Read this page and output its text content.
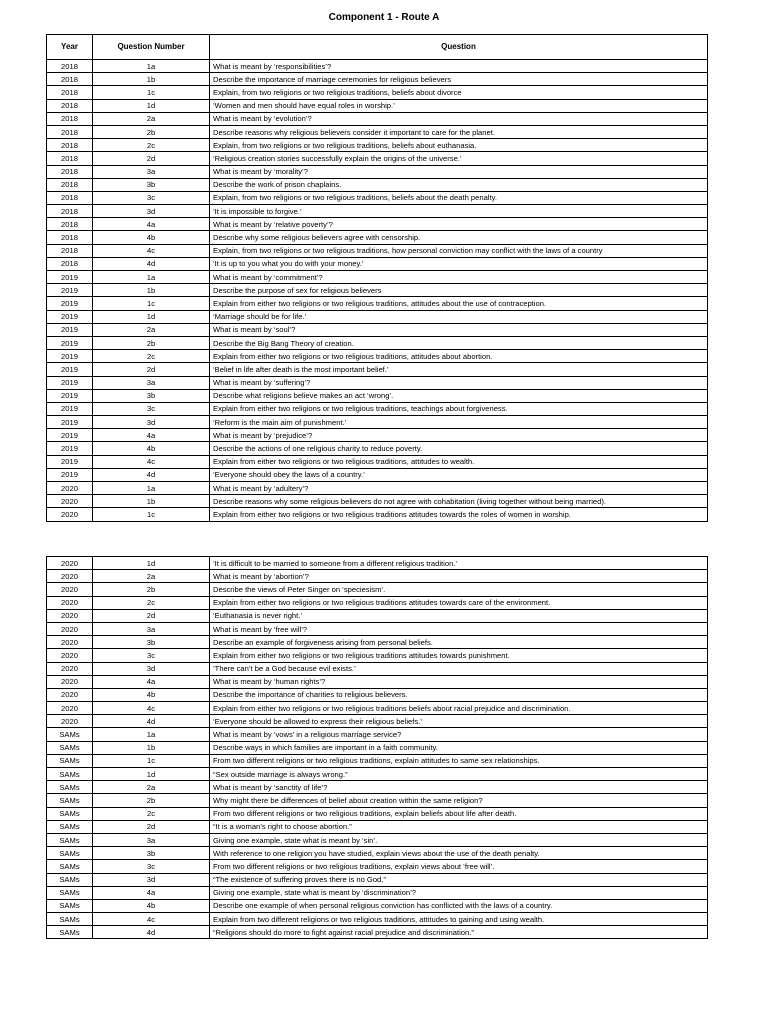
Component 1 - Route A
Year	Question Number	Question
2018	1a	What is meant by ‘responsibilities’?
2018	1b	Describe the importance of marriage ceremonies for religious believers
2018	1c	Explain, from two religions or two religious traditions, beliefs about divorce
2018	1d	‘Women and men should have equal roles in worship.’
2018	2a	What is meant by ‘evolution’?
2018	2b	Describe reasons why religious believers consider it important to care for the planet.
2018	2c	Explain, from two religions or two religious traditions, beliefs about euthanasia.
2018	2d	‘Religious creation stories successfully explain the origins of the universe.’
2018	3a	What is meant by ‘morality’?
2018	3b	Describe the work of prison chaplains.
2018	3c	Explain, from two religions or two religious traditions, beliefs about the death penalty.
2018	3d	‘It is impossible to forgive.’
2018	4a	What is meant by ‘relative poverty’?
2018	4b	Describe why some religious believers agree with censorship.
2018	4c	Explain, from two religions or two religious traditions, how personal conviction may conflict with the laws of a country
2018	4d	‘It is up to you what you do with your money.’
2019	1a	What is meant by ‘commitment’?
2019	1b	Describe the purpose of sex for religious believers
2019	1c	Explain from either two religions or two religious traditions, attitudes about the use of contraception.
2019	1d	‘Marriage should be for life.’
2019	2a	What is meant by ‘soul’?
2019	2b	Describe the Big Bang Theory of creation.
2019	2c	Explain from either two religions or two religious traditions, attitudes about abortion.
2019	2d	‘Belief in life after death is the most important belief.’
2019	3a	What is meant by ‘suffering’?
2019	3b	Describe what religions believe makes an act ‘wrong’.
2019	3c	Explain from either two religions or two religious traditions, teachings about forgiveness.
2019	3d	‘Reform is the main aim of punishment.’
2019	4a	What is meant by ‘prejudice’?
2019	4b	Describe the actions of one religious charity to reduce poverty.
2019	4c	Explain from either two religions or two religious traditions, attitudes to wealth.
2019	4d	‘Everyone should obey the laws of a country.’
2020	1a	What is meant by ‘adultery’?
2020	1b	Describe reasons why some religious believers do not agree with cohabitation (living together without being married).
2020	1c	Explain from either two religions or two religious traditions attitudes towards the roles of women in worship.
2020	1d	‘It is difficult to be married to someone from a different religious tradition.’
2020	2a	What is meant by ‘abortion’?
2020	2b	Describe the views of Peter Singer on ‘speciesism’.
2020	2c	Explain from either two religions or two religious traditions attitudes towards care of the environment.
2020	2d	‘Euthanasia is never right.’
2020	3a	What is meant by ‘free will’?
2020	3b	Describe an example of forgiveness arising from personal beliefs.
2020	3c	Explain from either two religions or two religious traditions attitudes towards punishment.
2020	3d	‘There can’t be a God because evil exists.’
2020	4a	What is meant by ‘human rights’?
2020	4b	Describe the importance of charities to religious believers.
2020	4c	Explain from either two religions or two religious traditions beliefs about racial prejudice and discrimination.
2020	4d	‘Everyone should be allowed to express their religious beliefs.’
SAMs	1a	What is meant by ‘vows’ in a religious marriage service?
SAMs	1b	Describe ways in which families are important in a faith community.
SAMs	1c	From two different religions or two religious traditions, explain attitudes to same sex relationships.
SAMs	1d	“Sex outside marriage is always wrong.”
SAMs	2a	What is meant by ‘sanctity of life’?
SAMs	2b	Why might there be differences of belief about creation within the same religion?
SAMs	2c	From two different religions or two religious traditions, explain beliefs about life after death.
SAMs	2d	“It is a woman’s right to choose abortion.”
SAMs	3a	Giving one example, state what is meant by ‘sin’.
SAMs	3b	With reference to one religion you have studied, explain views about the use of the death penalty.
SAMs	3c	From two different religions or two religious traditions, explain views about ‘free will’.
SAMs	3d	“The existence of suffering proves there is no God.”
SAMs	4a	Giving one example, state what is meant by ‘discrimination’?
SAMs	4b	Describe one example of when personal religious conviction has conflicted with the laws of a country.
SAMs	4c	Explain from two different religions or two religious traditions, attitudes to gaining and using wealth.
SAMs	4d	“Religions should do more to fight against racial prejudice and discrimination.”
